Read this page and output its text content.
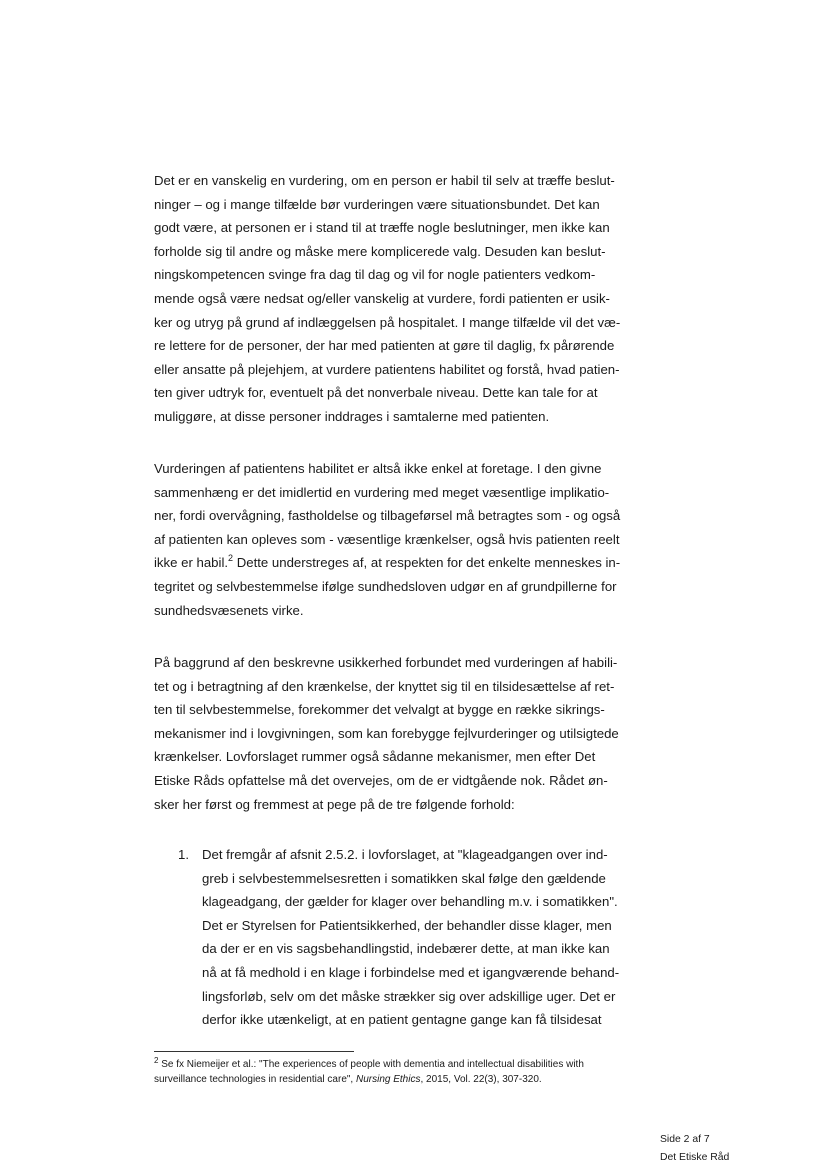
Det er en vanskelig en vurdering, om en person er habil til selv at træffe beslut-
ninger – og i mange tilfælde bør vurderingen være situationsbundet. Det kan
godt være, at personen er i stand til at træffe nogle beslutninger, men ikke kan
forholde sig til andre og måske mere komplicerede valg. Desuden kan beslut-
ningskompetencen svinge fra dag til dag og vil for nogle patienters vedkom-
mende også være nedsat og/eller vanskelig at vurdere, fordi patienten er usik-
ker og utryg på grund af indlæggelsen på hospitalet. I mange tilfælde vil det væ-
re lettere for de personer, der har med patienten at gøre til daglig, fx pårørende
eller ansatte på plejehjem, at vurdere patientens habilitet og forstå, hvad patien-
ten giver udtryk for, eventuelt på det nonverbale niveau. Dette kan tale for at
muliggøre, at disse personer inddrages i samtalerne med patienten.

Vurderingen af patientens habilitet er altså ikke enkel at foretage. I den givne
sammenhæng er det imidlertid en vurdering med meget væsentlige implikatio-
ner, fordi overvågning, fastholdelse og tilbageførsel må betragtes som - og også
af patienten kan opleves som - væsentlige krænkelser, også hvis patienten reelt
ikke er habil.$^2$ Dette understreges af, at respekten for det enkelte menneskes in-
tegritet og selvbestemmelse ifølge sundhedsloven udgør en af grundpillerne for
sundhedsvæsenets virke.

På baggrund af den beskrevne usikkerhed forbundet med vurderingen af habili-
tet og i betragtning af den krænkelse, der knyttet sig til en tilsidesættelse af ret-
ten til selvbestemmelse, forekommer det velvalgt at bygge en række sikrings-
mekanismer ind i lovgivningen, som kan forebygge fejlvurderinger og utilsigtede
krænkelser. Lovforslaget rummer også sådanne mekanismer, men efter Det
Etiske Råds opfattelse må det overvejes, om de er vidtgående nok. Rådet øn-
sker her først og fremmest at pege på de tre følgende forhold:

1. Det fremgår af afsnit 2.5.2. i lovforslaget, at "klageadgangen over ind-
greb i selvbestemmelsesretten i somatikken skal følge den gældende
klageadgang, der gælder for klager over behandling m.v. i somatikken".
Det er Styrelsen for Patientsikkerhed, der behandler disse klager, men
da der er en vis sagsbehandlingstid, indebærer dette, at man ikke kan
nå at få medhold i en klage i forbindelse med et igangværende behand-
lingsforløb, selv om det måske strækker sig over adskillige uger. Det er
derfor ikke utænkeligt, at en patient gentagne gange kan få tilsidesat
$^2$ Se fx Niemeijer et al.: "The experiences of people with dementia and intellectual disabilities with
surveillance technologies in residential care", Nursing Ethics, 2015, Vol. 22(3), 307-320.
Side 2 af 7
Det Etiske Råd
